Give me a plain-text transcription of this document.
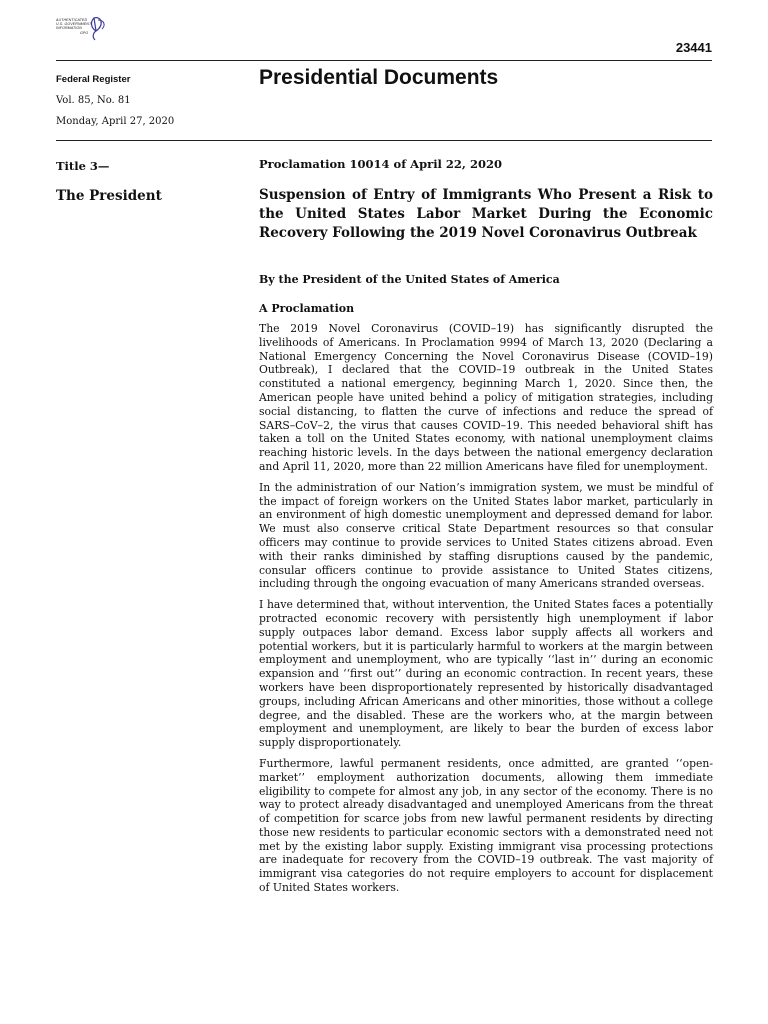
AUTHENTICATED
U.S. GOVERNMENT
INFORMATION
GPO
23441
Federal Register
Vol. 85, No. 81
Monday, April 27, 2020
Presidential Documents
Title 3—
The President
Proclamation 10014 of April 22, 2020
Suspension of Entry of Immigrants Who Present a Risk to the United States Labor Market During the Economic Recovery Following the 2019 Novel Coronavirus Outbreak
By the President of the United States of America
A Proclamation

The 2019 Novel Coronavirus (COVID–19) has significantly disrupted the livelihoods of Americans. In Proclamation 9994 of March 13, 2020 (Declaring a National Emergency Concerning the Novel Coronavirus Disease (COVID–19) Outbreak), I declared that the COVID–19 outbreak in the United States constituted a national emergency, beginning March 1, 2020. Since then, the American people have united behind a policy of mitigation strategies, including social distancing, to flatten the curve of infections and reduce the spread of SARS–CoV–2, the virus that causes COVID–19. This needed behavioral shift has taken a toll on the United States economy, with national unemployment claims reaching historic levels. In the days between the national emergency declaration and April 11, 2020, more than 22 million Americans have filed for unemployment.

In the administration of our Nation’s immigration system, we must be mindful of the impact of foreign workers on the United States labor market, particularly in an environment of high domestic unemployment and depressed demand for labor. We must also conserve critical State Department resources so that consular officers may continue to provide services to United States citizens abroad. Even with their ranks diminished by staffing disruptions caused by the pandemic, consular officers continue to provide assistance to United States citizens, including through the ongoing evacuation of many Americans stranded overseas.

I have determined that, without intervention, the United States faces a potentially protracted economic recovery with persistently high unemployment if labor supply outpaces labor demand. Excess labor supply affects all workers and potential workers, but it is particularly harmful to workers at the margin between employment and unemployment, who are typically ‘‘last in’’ during an economic expansion and ‘‘first out’’ during an economic contraction. In recent years, these workers have been disproportionately represented by historically disadvantaged groups, including African Americans and other minorities, those without a college degree, and the disabled. These are the workers who, at the margin between employment and unemployment, are likely to bear the burden of excess labor supply disproportionately.

Furthermore, lawful permanent residents, once admitted, are granted ‘‘open-market’’ employment authorization documents, allowing them immediate eligibility to compete for almost any job, in any sector of the economy. There is no way to protect already disadvantaged and unemployed Americans from the threat of competition for scarce jobs from new lawful permanent residents by directing those new residents to particular economic sectors with a demonstrated need not met by the existing labor supply. Existing immigrant visa processing protections are inadequate for recovery from the COVID–19 outbreak. The vast majority of immigrant visa categories do not require employers to account for displacement of United States workers.
